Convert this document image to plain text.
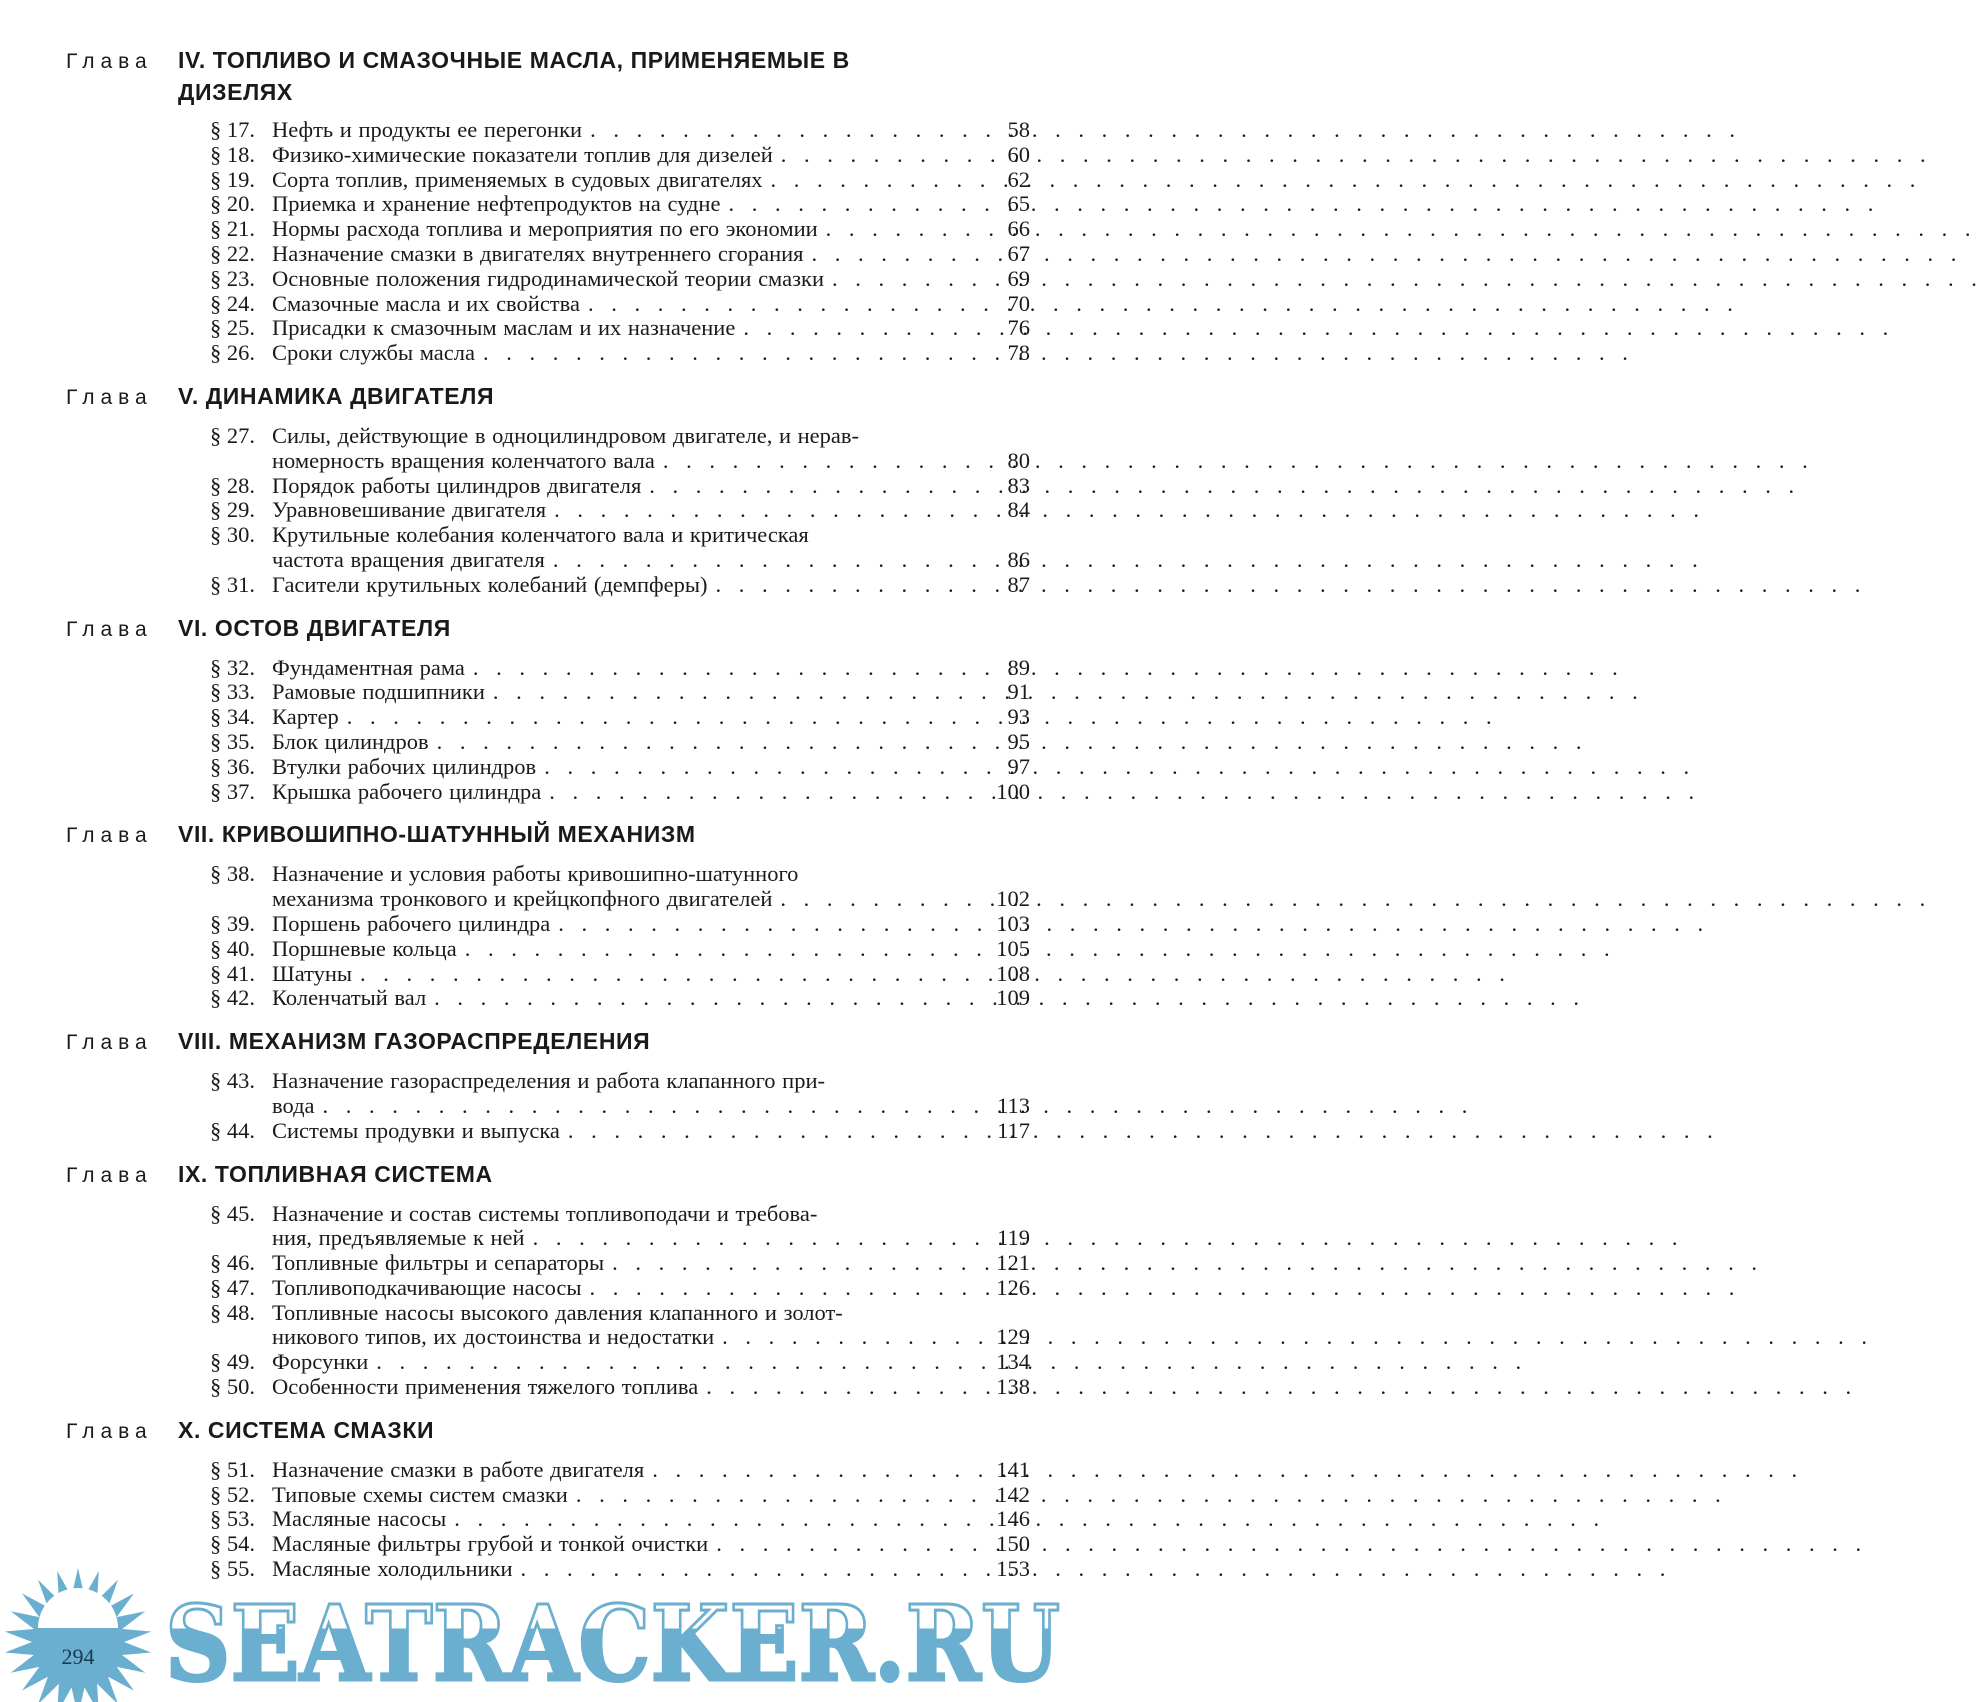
Глава	IV. ТОПЛИВО И СМАЗОЧНЫЕ МАСЛА, ПРИМЕНЯЕМЫЕ В ДИЗЕЛЯХ
§ 17. Нефть и продукты ее перегонки . . .	58
§ 18. Физико-химические показатели топлив для дизелей . . .	60
§ 19. Сорта топлив, применяемых в судовых двигателях . . .	62
§ 20. Приемка и хранение нефтепродуктов на судне . . .	65
§ 21. Нормы расхода топлива и мероприятия по его экономии . . .	66
§ 22. Назначение смазки в двигателях внутреннего сгорания . . .	67
§ 23. Основные положения гидродинамической теории смазки . . .	69
§ 24. Смазочные масла и их свойства . . .	70
§ 25. Присадки к смазочным маслам и их назначение . . .	76
§ 26. Сроки службы масла . . .	78
Глава	V. ДИНАМИКА ДВИГАТЕЛЯ
§ 27. Силы, действующие в одноцилиндровом двигателе, и нерав-
номерность вращения коленчатого вала . . .	80
§ 28. Порядок работы цилиндров двигателя . . .	83
§ 29. Уравновешивание двигателя . . .	84
§ 30. Крутильные колебания коленчатого вала и критическая
частота вращения двигателя . . .	86
§ 31. Гасители крутильных колебаний (демпферы) . . .	87
Глава	VI. ОСТОВ ДВИГАТЕЛЯ
§ 32. Фундаментная рама . . .	89
§ 33. Рамовые подшипники . . .	91
§ 34. Картер . . .	93
§ 35. Блок цилиндров . . .	95
§ 36. Втулки рабочих цилиндров . . .	97
§ 37. Крышка рабочего цилиндра . . .	100
Глава	VII. КРИВОШИПНО-ШАТУННЫЙ МЕХАНИЗМ
§ 38. Назначение и условия работы кривошипно-шатунного
механизма тронкового и крейцкопфного двигателей . . .	102
§ 39. Поршень рабочего цилиндра . . .	103
§ 40. Поршневые кольца . . .	105
§ 41. Шатуны . . .	108
§ 42. Коленчатый вал . . .	109
Глава	VIII. МЕХАНИЗМ ГАЗОРАСПРЕДЕЛЕНИЯ
§ 43. Назначение газораспределения и работа клапанного при-
вода . . .	113
§ 44. Системы продувки и выпуска . . .	117
Глава	IX. ТОПЛИВНАЯ СИСТЕМА
§ 45. Назначение и состав системы топливоподачи и требова-
ния, предъявляемые к ней . . .	119
§ 46. Топливные фильтры и сепараторы . . .	121
§ 47. Топливоподкачивающие насосы . . .	126
§ 48. Топливные насосы высокого давления клапанного и золот-
никового типов, их достоинства и недостатки . . .	129
§ 49. Форсунки . . .	134
§ 50. Особенности применения тяжелого топлива . . .	138
Глава	X. СИСТЕМА СМАЗКИ
§ 51. Назначение смазки в работе двигателя . . .	141
§ 52. Типовые схемы систем смазки . . .	142
§ 53. Масляные насосы . . .	146
§ 54. Масляные фильтры грубой и тонкой очистки . . .	150
§ 55. Масляные холодильники . . .	153
294 SEATRACKER.RU
